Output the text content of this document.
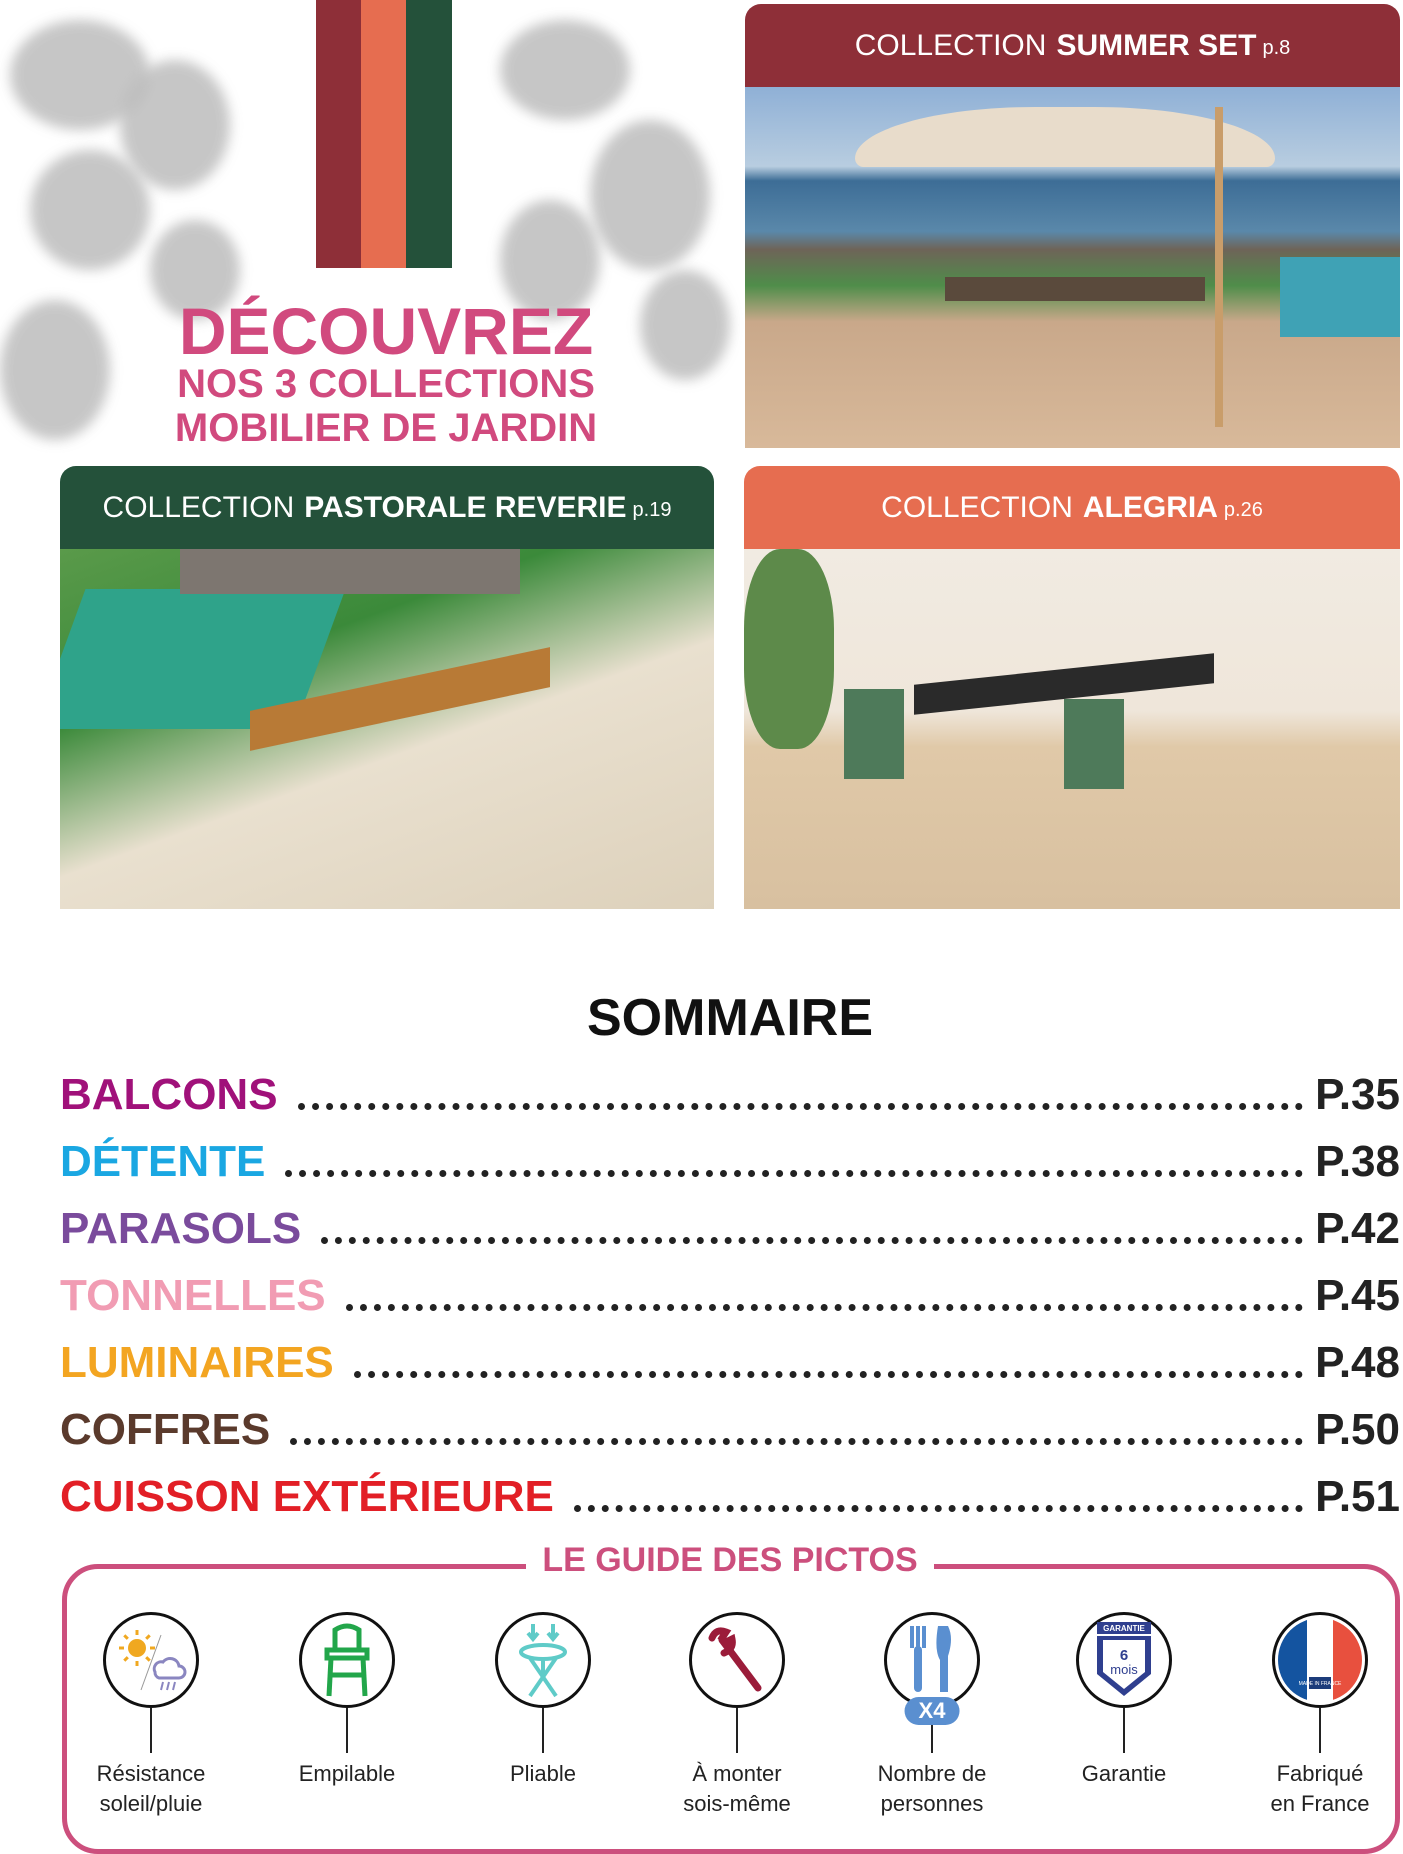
DÉCOUVREZ
NOS 3 COLLECTIONS
MOBILIER DE JARDIN
COLLECTION SUMMER SET p.8
COLLECTION PASTORALE REVERIE p.19	COLLECTION ALEGRIA p.26
SOMMAIRE
BALCONS	P.35
DÉTENTE	P.38
PARASOLS	P.42
TONNELLES	P.45
LUMINAIRES	P.48
COFFRES	P.50
CUISSON EXTÉRIEURE	P.51
LE GUIDE DES PICTOS
Résistance
soleil/pluie
Empilable	Pliable	À monter
sois-même
X4
Nombre de
personnes
GARANTIE
6
mois
Garantie
MADE IN FRANCE
Fabriqué
en France
